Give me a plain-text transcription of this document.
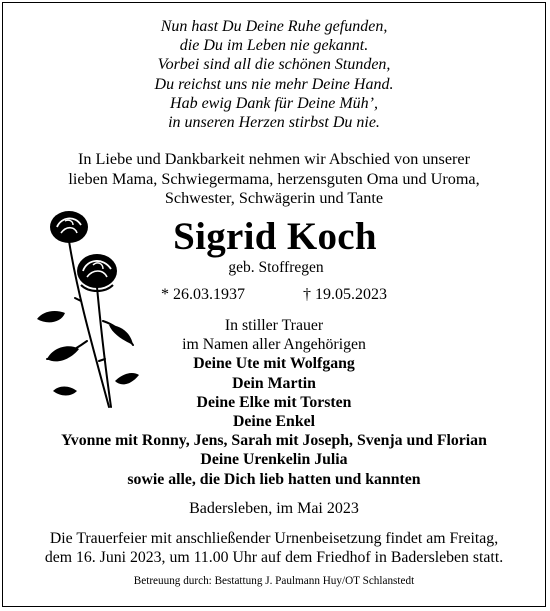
Nun hast Du Deine Ruhe gefunden,
die Du im Leben nie gekannt.
Vorbei sind all die schönen Stunden,
Du reichst uns nie mehr Deine Hand.
Hab ewig Dank für Deine Müh’,
in unseren Herzen stirbst Du nie.
In Liebe und Dankbarkeit nehmen wir Abschied von unserer
lieben Mama, Schwiegermama, herzensguten Oma und Uroma,
Schwester, Schwägerin und Tante
Sigrid Koch
geb. Stoffregen
* 26.03.1937	† 19.05.2023
In stiller Trauer
im Namen aller Angehörigen
Deine Ute mit Wolfgang
Dein Martin
Deine Elke mit Torsten
Deine Enkel
Yvonne mit Ronny, Jens, Sarah mit Joseph, Svenja und Florian
Deine Urenkelin Julia
sowie alle, die Dich lieb hatten und kannten
Badersleben, im Mai 2023
Die Trauerfeier mit anschließender Urnenbeisetzung findet am Freitag,
dem 16. Juni 2023, um 11.00 Uhr auf dem Friedhof in Badersleben statt.
Betreuung durch: Bestattung J. Paulmann Huy/OT Schlanstedt
